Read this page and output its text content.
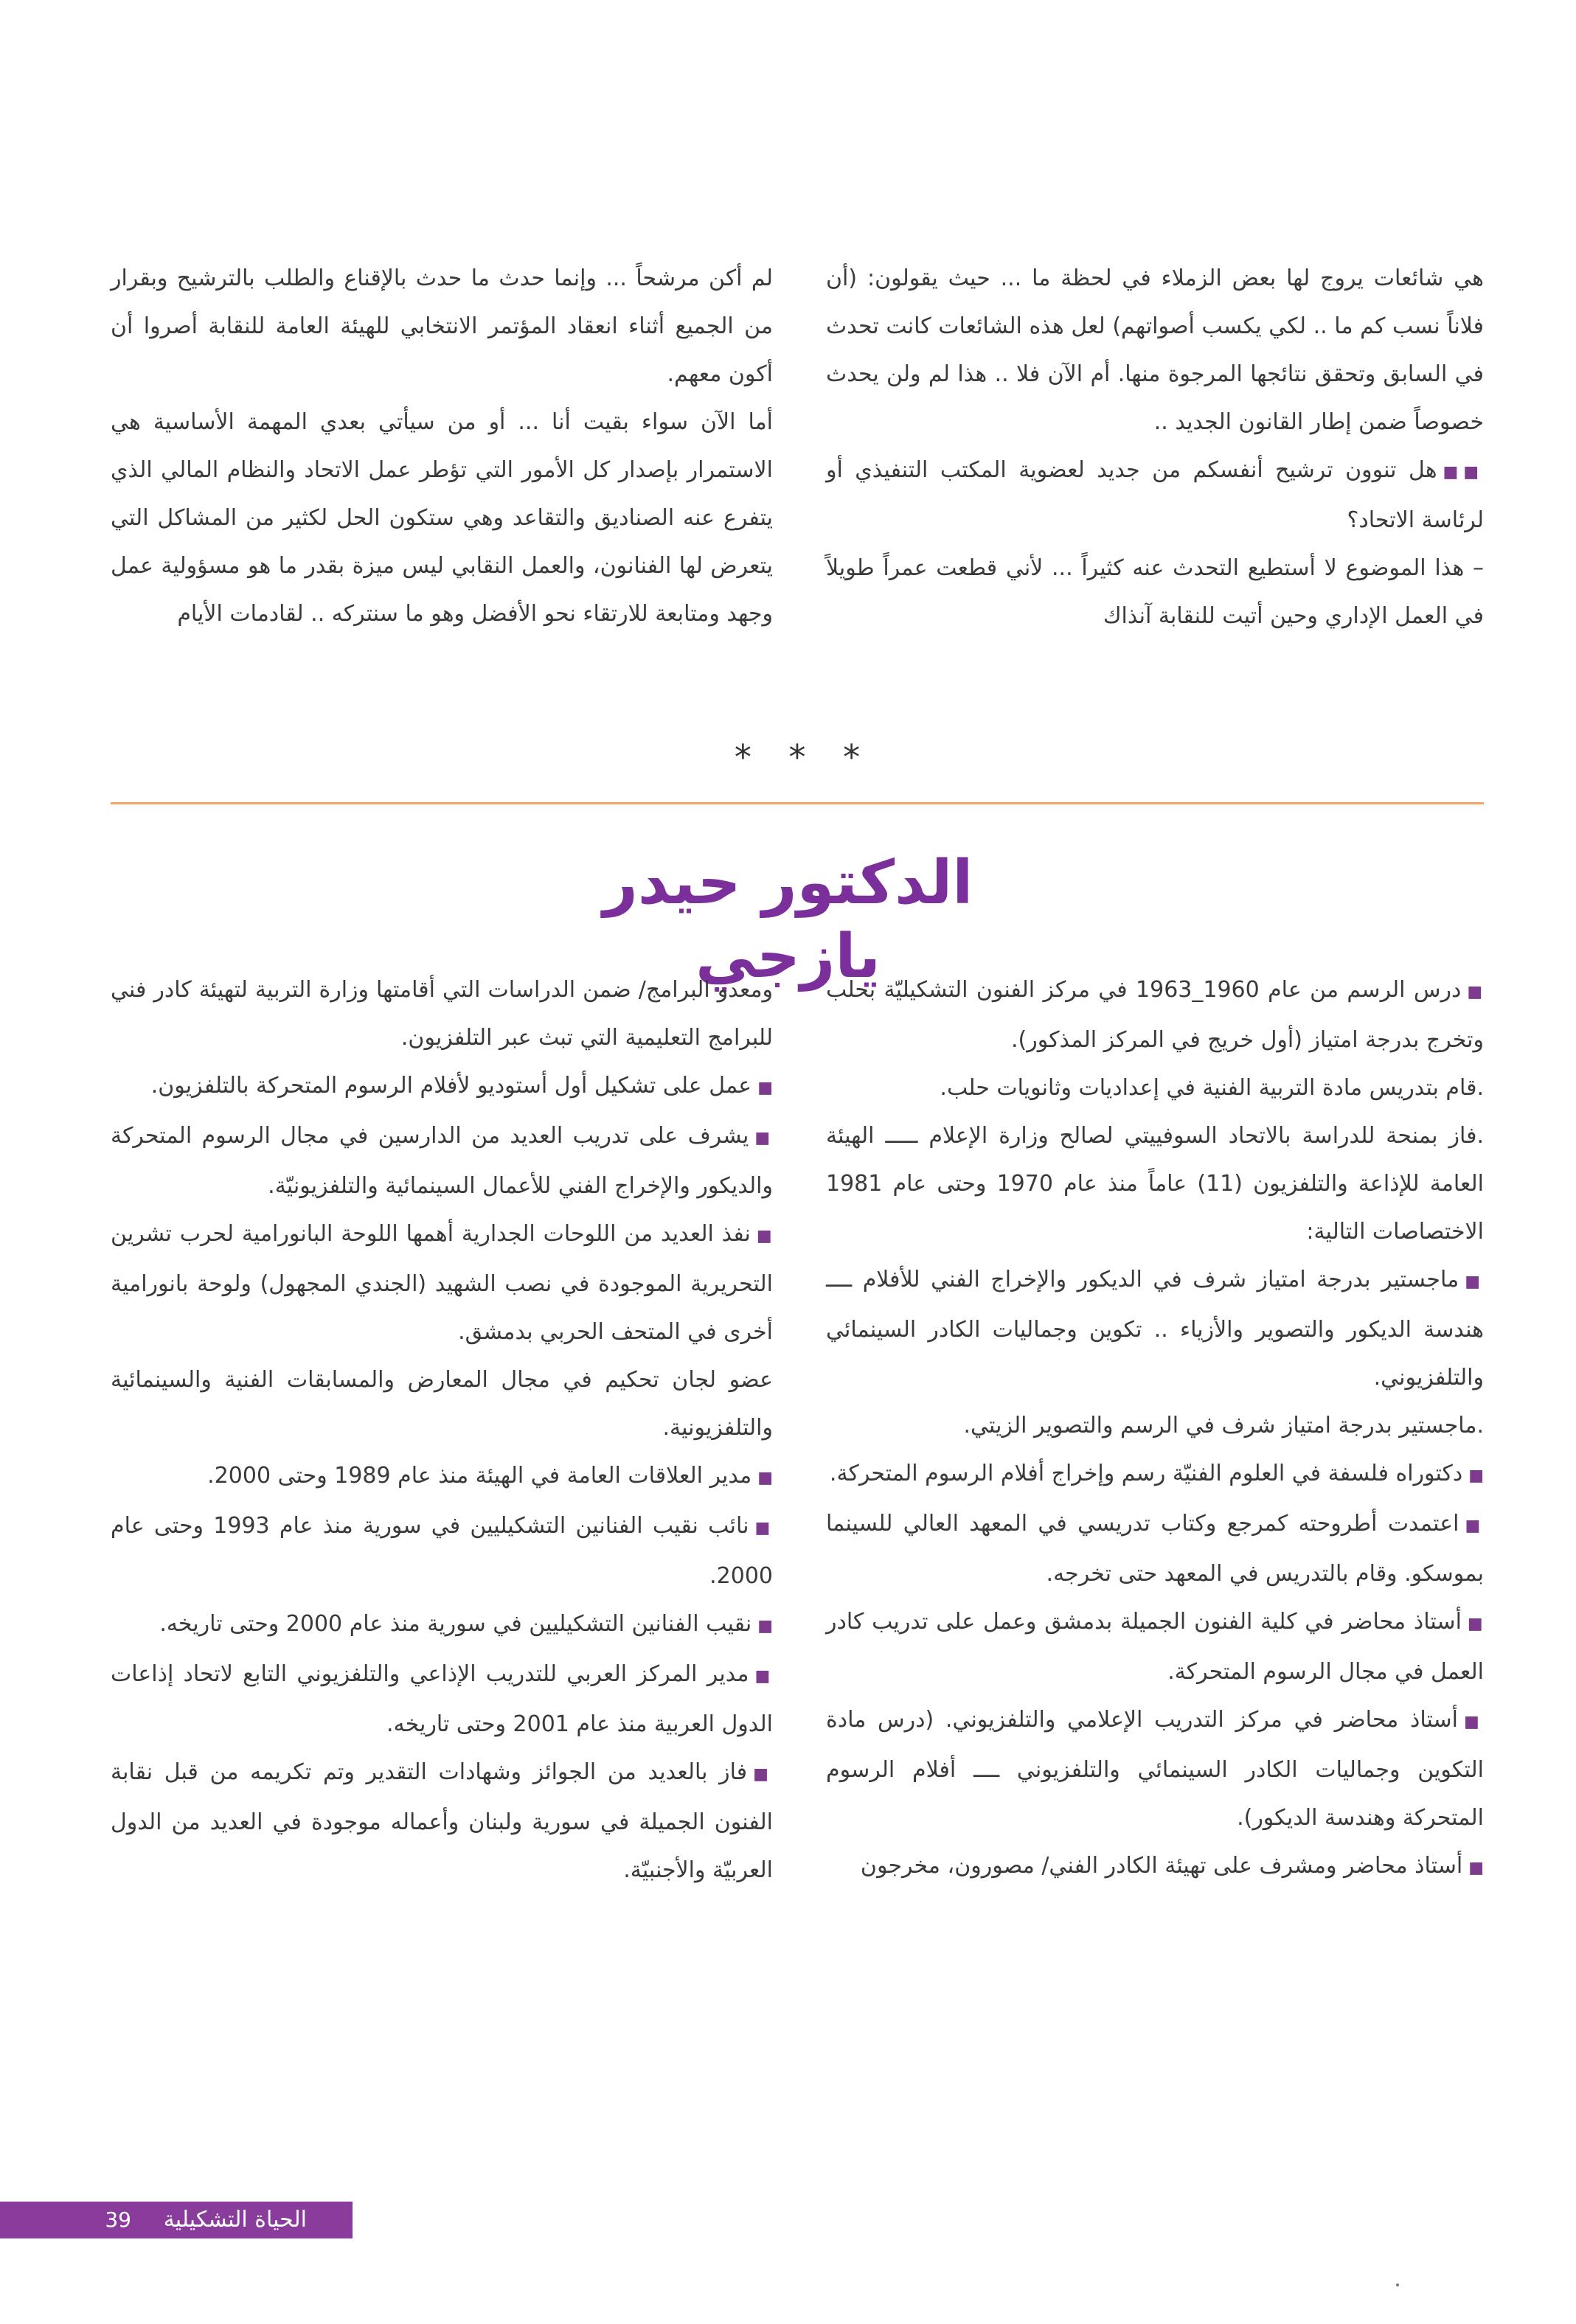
هي شائعات يروج لها بعض الزملاء في لحظة ما ... حيث يقولون: (أن فلاناً نسب كم ما .. لكي يكسب أصواتهم) لعل هذه الشائعات كانت تحدث في السابق وتحقق نتائجها المرجوة منها. أم الآن فلا .. هذا لم ولن يحدث خصوصاً ضمن إطار القانون الجديد ..

■■هل تنوون ترشيح أنفسكم من جديد لعضوية المكتب التنفيذي أو لرئاسة الاتحاد؟

– هذا الموضوع لا أستطيع التحدث عنه كثيراً ... لأني قطعت عمراً طويلاً في العمل الإداري وحين أتيت للنقابة آنذاك

لم أكن مرشحاً ... وإنما حدث ما حدث بالإقناع والطلب بالترشيح وبقرار من الجميع أثناء انعقاد المؤتمر الانتخابي للهيئة العامة للنقابة أصروا أن أكون معهم.

أما الآن سواء بقيت أنا ... أو من سيأتي بعدي المهمة الأساسية هي الاستمرار بإصدار كل الأمور التي تؤطر عمل الاتحاد والنظام المالي الذي يتفرع عنه الصناديق والتقاعد وهي ستكون الحل لكثير من المشاكل التي يتعرض لها الفنانون، والعمل النقابي ليس ميزة بقدر ما هو مسؤولية عمل وجهد ومتابعة للارتقاء نحو الأفضل وهو ما سنتركه .. لقادمات الأيام

* * *
الدكتور حيدر يازجي

■درس الرسم من عام 1960_1963 في مركز الفنون التشكيليّة بحلب وتخرج بدرجة امتياز (أول خريج في المركز المذكور).

.قام بتدريس مادة التربية الفنية في إعداديات وثانويات حلب.

.فاز بمنحة للدراسة بالاتحاد السوفييتي لصالح وزارة الإعلام ـــــ الهيئة العامة للإذاعة والتلفزيون (11) عاماً منذ عام 1970 وحتى عام 1981 الاختصاصات التالية:

■ماجستير بدرجة امتياز شرف في الديكور والإخراج الفني للأفلام ــــ هندسة الديكور والتصوير والأزياء .. تكوين وجماليات الكادر السينمائي والتلفزيوني.

.ماجستير بدرجة امتياز شرف في الرسم والتصوير الزيتي.

■دكتوراه فلسفة في العلوم الفنيّة رسم وإخراج أفلام الرسوم المتحركة.

■اعتمدت أطروحته كمرجع وكتاب تدريسي في المعهد العالي للسينما بموسكو. وقام بالتدريس في المعهد حتى تخرجه.

■أستاذ محاضر في كلية الفنون الجميلة بدمشق وعمل على تدريب كادر العمل في مجال الرسوم المتحركة.

■أستاذ محاضر في مركز التدريب الإعلامي والتلفزيوني. (درس مادة التكوين وجماليات الكادر السينمائي والتلفزيوني ــــ أفلام الرسوم المتحركة وهندسة الديكور).

■أستاذ محاضر ومشرف على تهيئة الكادر الفني/ مصورون، مخرجون

ومعدو البرامج/ ضمن الدراسات التي أقامتها وزارة التربية لتهيئة كادر فني للبرامج التعليمية التي تبث عبر التلفزيون.

■عمل على تشكيل أول أستوديو لأفلام الرسوم المتحركة بالتلفزيون.

■يشرف على تدريب العديد من الدارسين في مجال الرسوم المتحركة والديكور والإخراج الفني للأعمال السينمائية والتلفزيونيّة.

■نفذ العديد من اللوحات الجدارية أهمها اللوحة البانورامية لحرب تشرين التحريرية الموجودة في نصب الشهيد (الجندي المجهول) ولوحة بانورامية أخرى في المتحف الحربي بدمشق.

عضو لجان تحكيم في مجال المعارض والمسابقات الفنية والسينمائية والتلفزيونية.

■مدير العلاقات العامة في الهيئة منذ عام 1989 وحتى 2000.

■نائب نقيب الفنانين التشكيليين في سورية منذ عام 1993 وحتى عام 2000.

■نقيب الفنانين التشكيليين في سورية منذ عام 2000 وحتى تاريخه.

■مدير المركز العربي للتدريب الإذاعي والتلفزيوني التابع لاتحاد إذاعات الدول العربية منذ عام 2001 وحتى تاريخه.

■فاز بالعديد من الجوائز وشهادات التقدير وتم تكريمه من قبل نقابة الفنون الجميلة في سورية ولبنان وأعماله موجودة في العديد من الدول العربيّة والأجنبيّة.

الحياة التشكيلية
39
